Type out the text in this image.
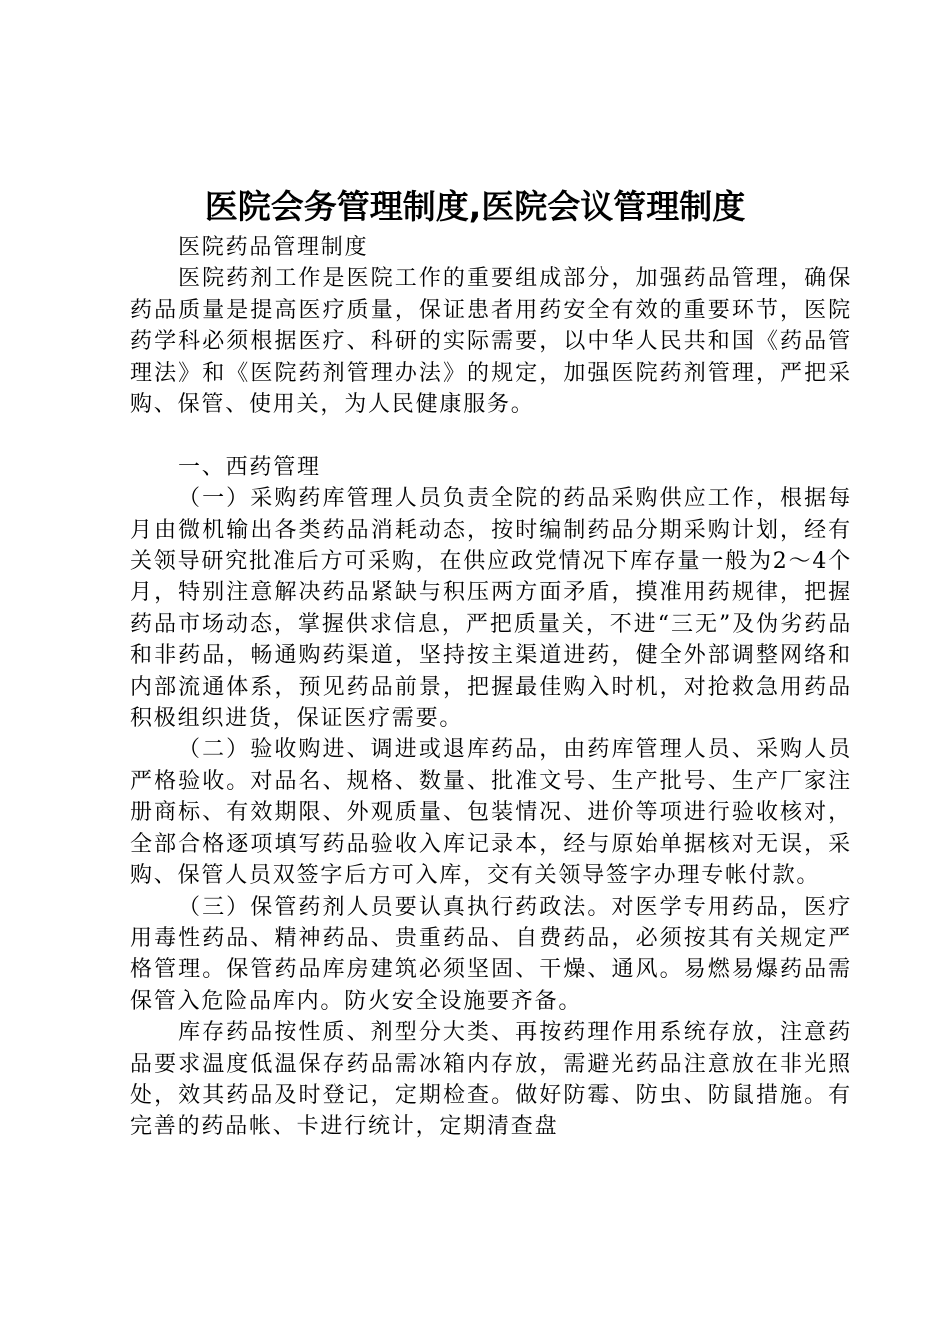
医院会务管理制度,医院会议管理制度

医院药品管理制度

医院药剂工作是医院工作的重要组成部分，加强药品管理，确保药品质量是提高医疗质量，保证患者用药安全有效的重要环节，医院药学科必须根据医疗、科研的实际需要，以中华人民共和国《药品管理法》和《医院药剂管理办法》的规定，加强医院药剂管理，严把采购、保管、使用关，为人民健康服务。

一、西药管理

（一）采购药库管理人员负责全院的药品采购供应工作，根据每月由微机输出各类药品消耗动态，按时编制药品分期采购计划，经有关领导研究批准后方可采购，在供应政党情况下库存量一般为2～4个月，特别注意解决药品紧缺与积压两方面矛盾，摸准用药规律，把握药品市场动态，掌握供求信息，严把质量关，不进“三无”及伪劣药品和非药品，畅通购药渠道，坚持按主渠道进药，健全外部调整网络和内部流通体系，预见药品前景，把握最佳购入时机，对抢救急用药品积极组织进货，保证医疗需要。

（二）验收购进、调进或退库药品，由药库管理人员、采购人员严格验收。对品名、规格、数量、批准文号、生产批号、生产厂家注册商标、有效期限、外观质量、包装情况、进价等项进行验收核对，全部合格逐项填写药品验收入库记录本，经与原始单据核对无误，采购、保管人员双签字后方可入库，交有关领导签字办理专帐付款。

（三）保管药剂人员要认真执行药政法。对医学专用药品，医疗用毒性药品、精神药品、贵重药品、自费药品，必须按其有关规定严格管理。保管药品库房建筑必须坚固、干燥、通风。易燃易爆药品需保管入危险品库内。防火安全设施要齐备。

库存药品按性质、剂型分大类、再按药理作用系统存放，注意药品要求温度低温保存药品需冰箱内存放，需避光药品注意放在非光照处，效其药品及时登记，定期检查。做好防霉、防虫、防鼠措施。有完善的药品帐、卡进行统计，定期清查盘
